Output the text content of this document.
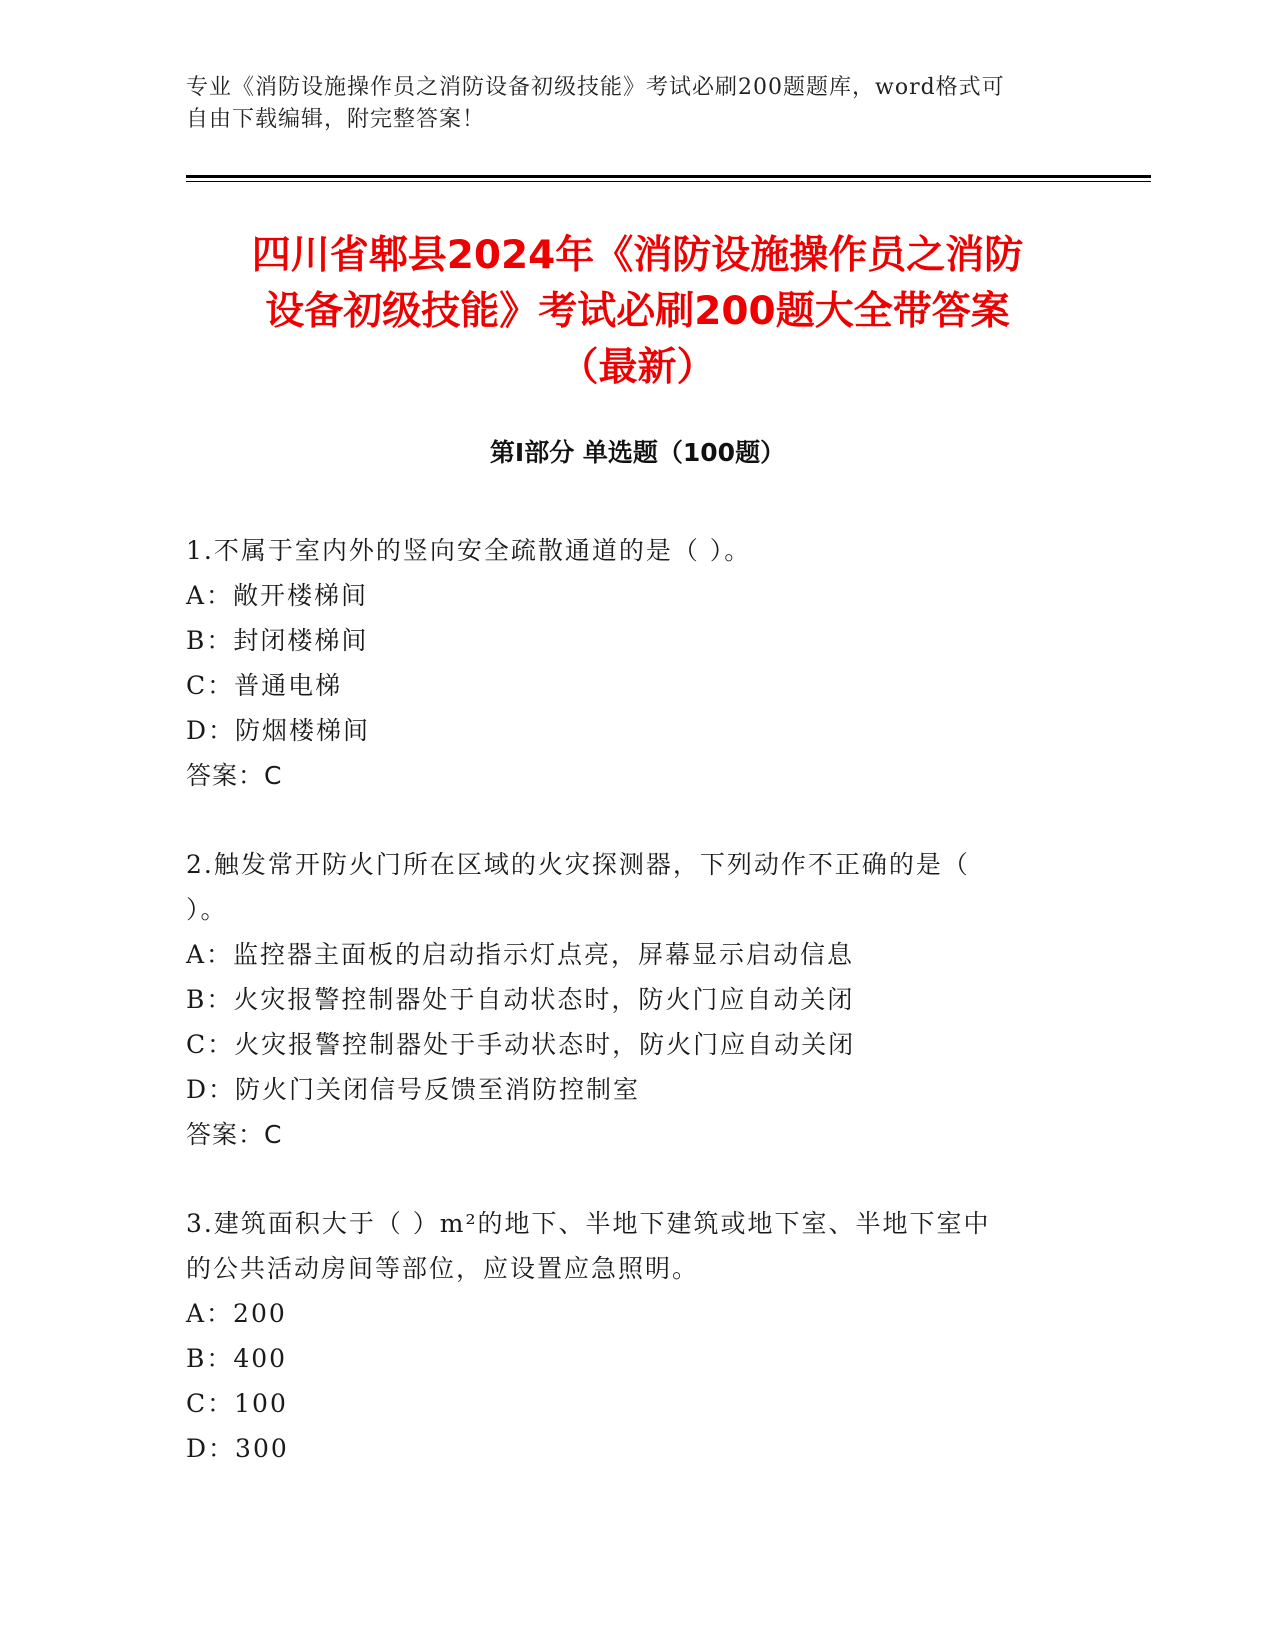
专业《消防设施操作员之消防设备初级技能》考试必刷200题题库，word格式可
自由下载编辑，附完整答案！
四川省郫县2024年《消防设施操作员之消防
设备初级技能》考试必刷200题大全带答案
（最新）
第Ⅰ部分 单选题（100题）
1.不属于室内外的竖向安全疏散通道的是（ ）。
A：敞开楼梯间
B：封闭楼梯间
C：普通电梯
D：防烟楼梯间
答案：C
2.触发常开防火门所在区域的火灾探测器，下列动作不正确的是（
）。
A：监控器主面板的启动指示灯点亮，屏幕显示启动信息
B：火灾报警控制器处于自动状态时，防火门应自动关闭
C：火灾报警控制器处于手动状态时，防火门应自动关闭
D：防火门关闭信号反馈至消防控制室
答案：C
3.建筑面积大于（ ）m²的地下、半地下建筑或地下室、半地下室中
的公共活动房间等部位，应设置应急照明。
A：200
B：400
C：100
D：300
